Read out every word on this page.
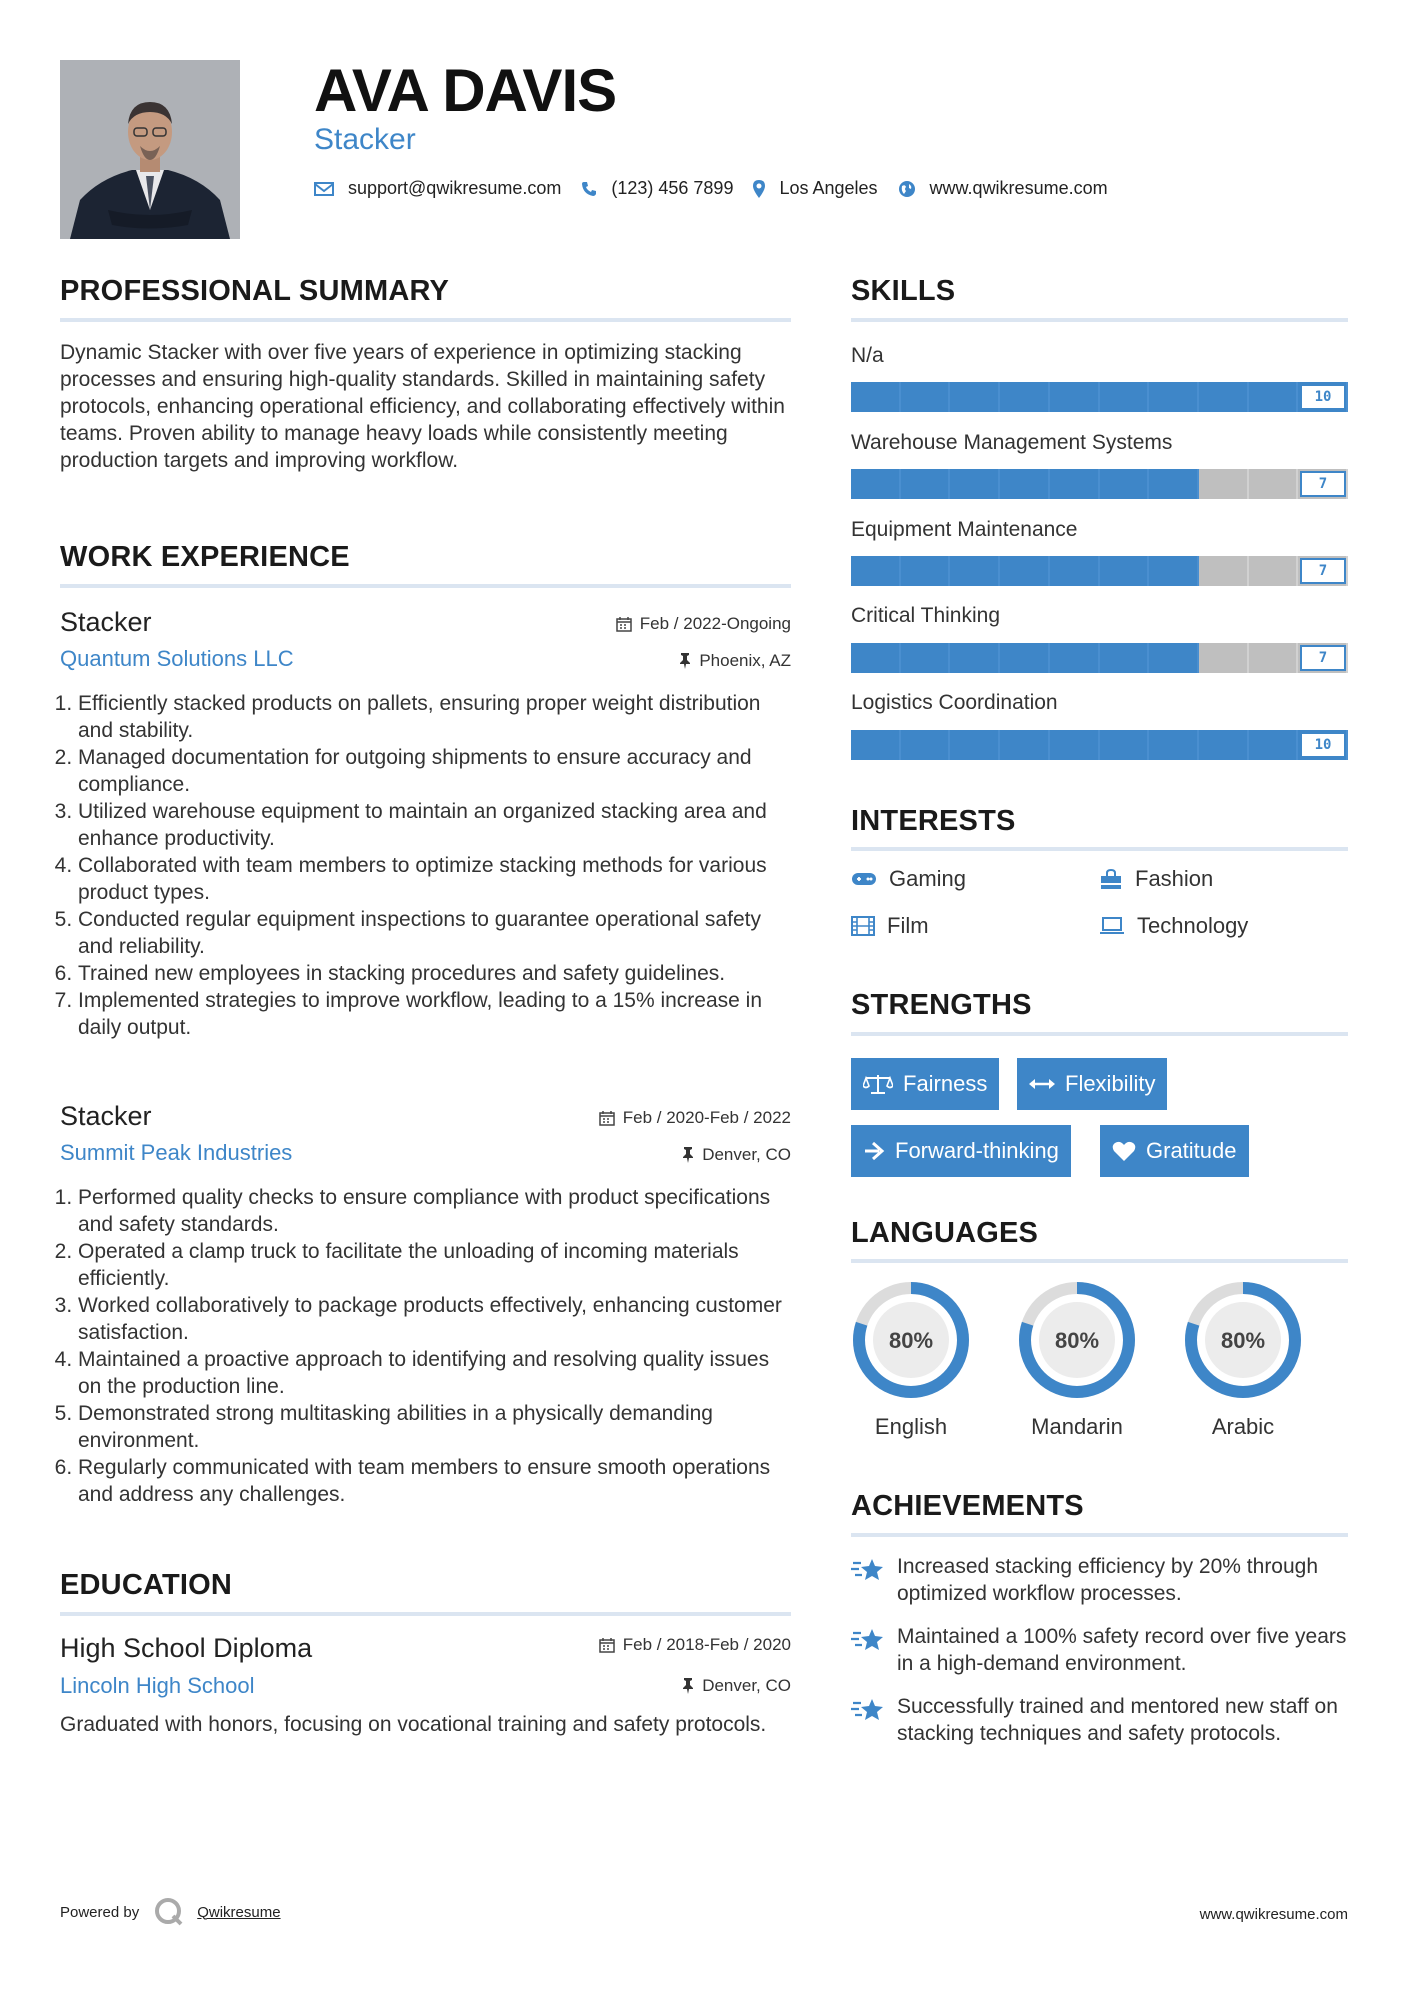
AVA DAVIS
Stacker
support@qwikresume.com	(123) 456 7899	Los Angeles	www.qwikresume.com
PROFESSIONAL SUMMARY
Dynamic Stacker with over five years of experience in optimizing stacking processes and ensuring high-quality standards. Skilled in maintaining safety protocols, enhancing operational efficiency, and collaborating effectively within teams. Proven ability to manage heavy loads while consistently meeting production targets and improving workflow.
WORK EXPERIENCE
Stacker	Feb / 2022-Ongoing
Quantum Solutions LLC	Phoenix, AZ
1. Efficiently stacked products on pallets, ensuring proper weight distribution and stability.
2. Managed documentation for outgoing shipments to ensure accuracy and compliance.
3. Utilized warehouse equipment to maintain an organized stacking area and enhance productivity.
4. Collaborated with team members to optimize stacking methods for various product types.
5. Conducted regular equipment inspections to guarantee operational safety and reliability.
6. Trained new employees in stacking procedures and safety guidelines.
7. Implemented strategies to improve workflow, leading to a 15% increase in daily output.
Stacker	Feb / 2020-Feb / 2022
Summit Peak Industries	Denver, CO
1. Performed quality checks to ensure compliance with product specifications and safety standards.
2. Operated a clamp truck to facilitate the unloading of incoming materials efficiently.
3. Worked collaboratively to package products effectively, enhancing customer satisfaction.
4. Maintained a proactive approach to identifying and resolving quality issues on the production line.
5. Demonstrated strong multitasking abilities in a physically demanding environment.
6. Regularly communicated with team members to ensure smooth operations and address any challenges.
EDUCATION
High School Diploma	Feb / 2018-Feb / 2020
Lincoln High School	Denver, CO
Graduated with honors, focusing on vocational training and safety protocols.
SKILLS
N/a
10
Warehouse Management Systems
7
Equipment Maintenance
7
Critical Thinking
7
Logistics Coordination
10
INTERESTS
Gaming	Fashion
Film	Technology
STRENGTHS
Fairness	Flexibility
Forward-thinking	Gratitude
LANGUAGES
80%
English
80%
Mandarin
80%
Arabic
ACHIEVEMENTS
Increased stacking efficiency by 20% through optimized workflow processes.
Maintained a 100% safety record over five years in a high-demand environment.
Successfully trained and mentored new staff on stacking techniques and safety protocols.
Powered by	Qwikresume	www.qwikresume.com
